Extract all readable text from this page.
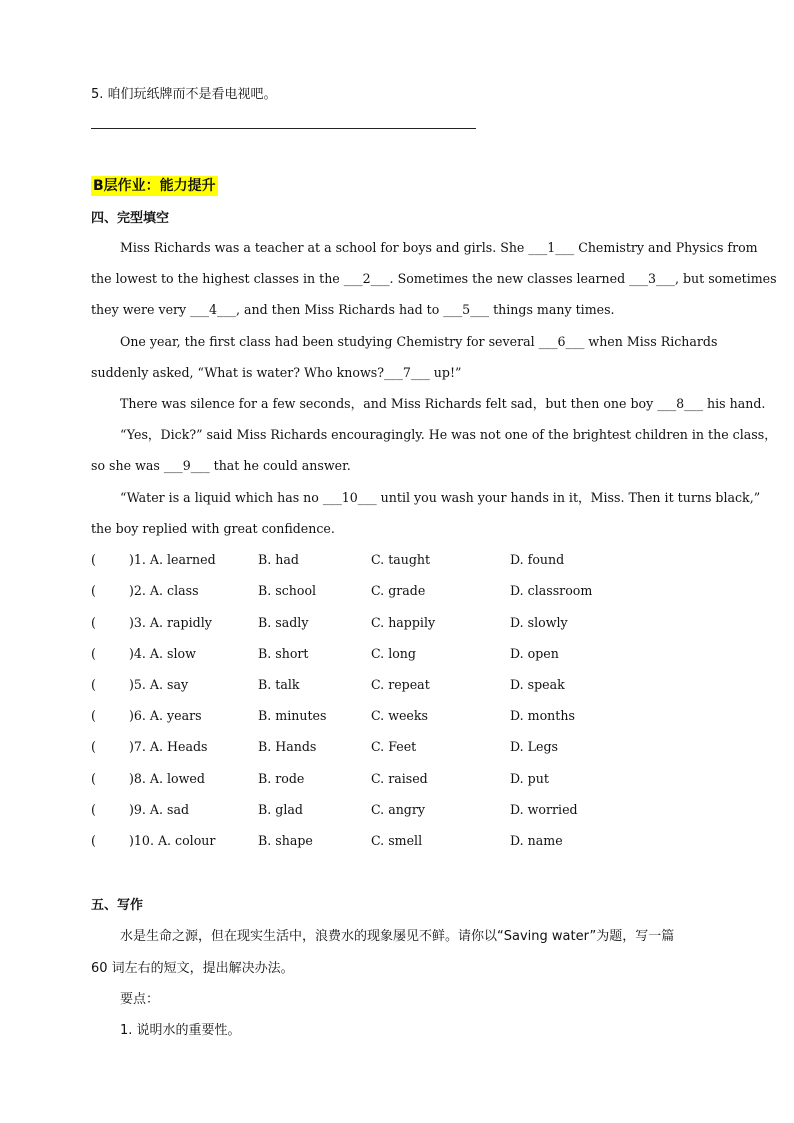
5. 咱们玩纸牌而不是看电视吧。
B层作业：能力提升
四、完型填空
Miss Richards was a teacher at a school for boys and girls. She ___1___ Chemistry and Physics from
the lowest to the highest classes in the ___2___. Sometimes the new classes learned ___3___, but sometimes
they were very ___4___, and then Miss Richards had to ___5___ things many times.
One year, the first class had been studying Chemistry for several ___6___ when Miss Richards
suddenly asked, “What is water? Who knows?___7___ up!”
There was silence for a few seconds，and Miss Richards felt sad，but then one boy ___8___ his hand.
“Yes，Dick?” said Miss Richards encouragingly. He was not one of the brightest children in the class，
so she was ___9___ that he could answer.
“Water is a liquid which has no ___10___ until you wash your hands in it，Miss. Then it turns black,”
the boy replied with great confidence.
(	)1. A. learned	B. had	C. taught	D. found
(	)2. A. class	B. school	C. grade	D. classroom
(	)3. A. rapidly	B. sadly	C. happily	D. slowly
(	)4. A. slow	B. short	C. long	D. open
(	)5. A. say	B. talk	C. repeat	D. speak
(	)6. A. years	B. minutes	C. weeks	D. months
(	)7. A. Heads	B. Hands	C. Feet	D. Legs
(	)8. A. lowed	B. rode	C. raised	D. put
(	)9. A. sad	B. glad	C. angry	D. worried
(	)10. A. colour	B. shape	C. smell	D. name
五、写作
水是生命之源，但在现实生活中，浪费水的现象屡见不鲜。请你以“Saving water”为题，写一篇
60 词左右的短文，提出解决办法。
要点：
1. 说明水的重要性。
